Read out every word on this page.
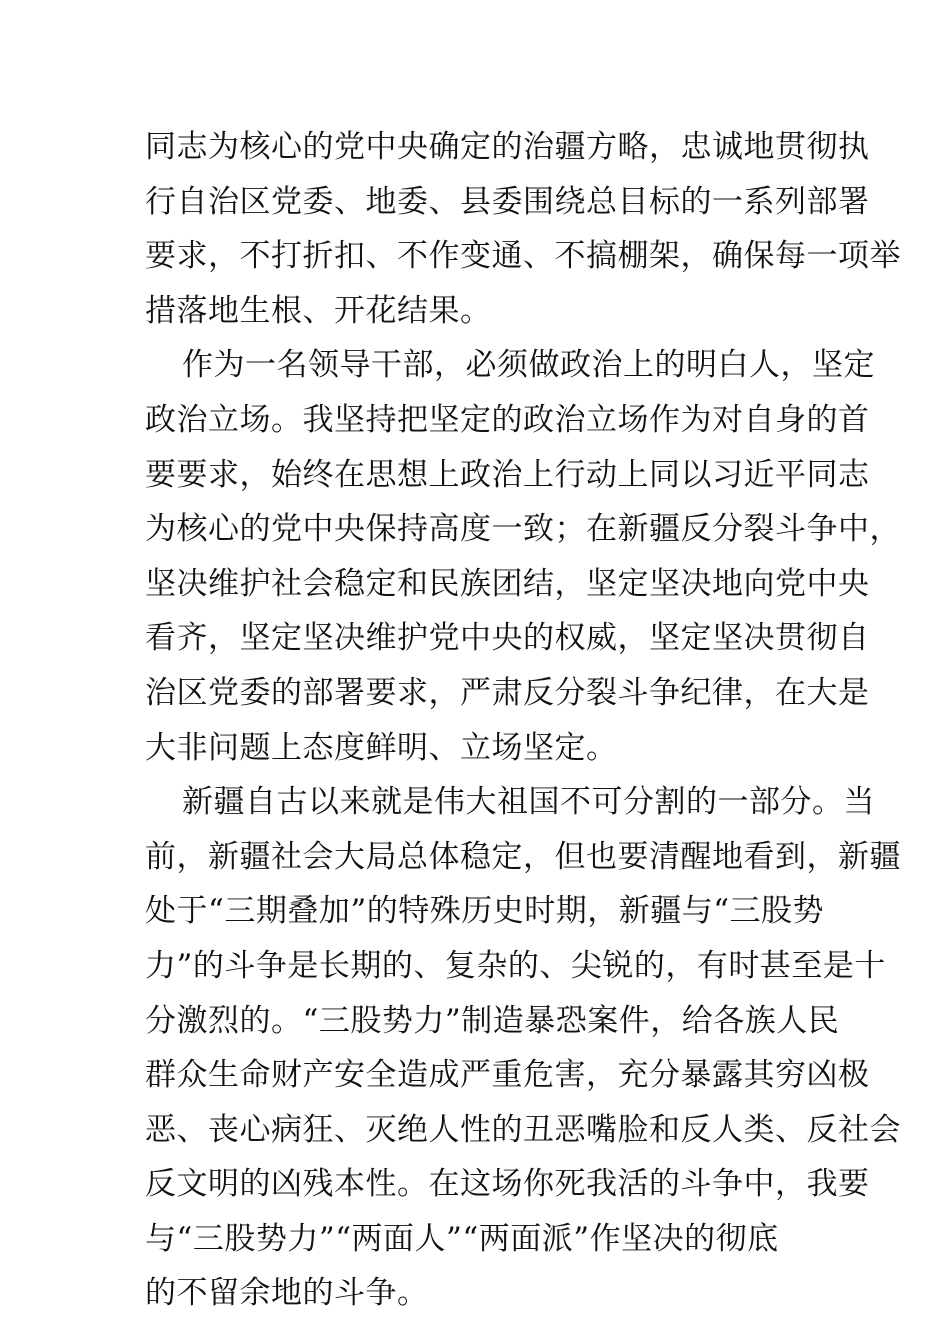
同志为核心的党中央确定的治疆方略，忠诚地贯彻执
行自治区党委、地委、县委围绕总目标的一系列部署
要求，不打折扣、不作变通、不搞棚架，确保每一项举
措落地生根、开花结果。
作为一名领导干部，必须做政治上的明白人，坚定
政治立场。我坚持把坚定的政治立场作为对自身的首
要要求，始终在思想上政治上行动上同以习近平同志
为核心的党中央保持高度一致；在新疆反分裂斗争中，
坚决维护社会稳定和民族团结，坚定坚决地向党中央
看齐，坚定坚决维护党中央的权威，坚定坚决贯彻自
治区党委的部署要求，严肃反分裂斗争纪律，在大是
大非问题上态度鲜明、立场坚定。
新疆自古以来就是伟大祖国不可分割的一部分。当
前，新疆社会大局总体稳定，但也要清醒地看到，新疆
处于“三期叠加”的特殊历史时期，新疆与“三股势
力”的斗争是长期的、复杂的、尖锐的，有时甚至是十
分激烈的。“三股势力”制造暴恐案件，给各族人民
群众生命财产安全造成严重危害，充分暴露其穷凶极
恶、丧心病狂、灭绝人性的丑恶嘴脸和反人类、反社会
反文明的凶残本性。在这场你死我活的斗争中，我要
与“三股势力”“两面人”“两面派”作坚决的彻底
的不留余地的斗争。
